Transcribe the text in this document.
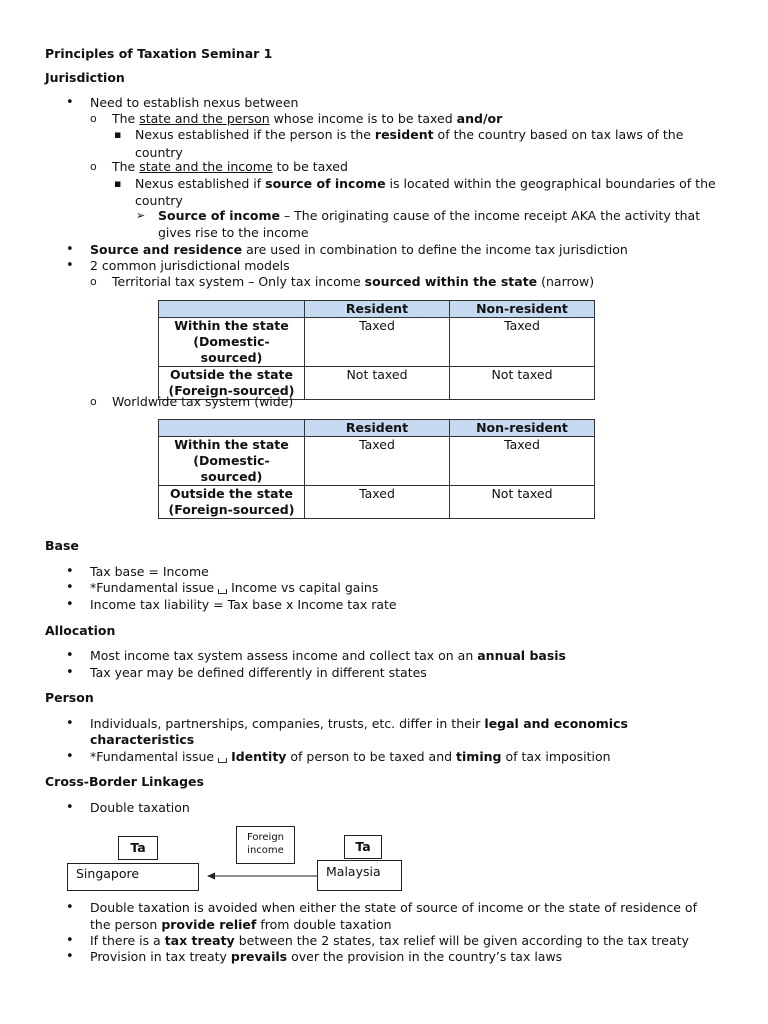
Principles of Taxation Seminar 1
Jurisdiction
•
Need to establish nexus between
o
The state and the person whose income is to be taxed and/or
▪
Nexus established if the person is the resident of the country based on tax laws of the
country
o
The state and the income to be taxed
▪
Nexus established if source of income is located within the geographical boundaries of the
country
➢
Source of income – The originating cause of the income receipt AKA the activity that
gives rise to the income
•
Source and residence are used in combination to define the income tax jurisdiction
•
2 common jurisdictional models
o
Territorial tax system – Only tax income sourced within the state (narrow)
	Resident	Non-resident

Within the state
(Domestic-
sourced)	Taxed	Taxed

Outside the state
(Foreign-sourced)	Not taxed	Not taxed
o
Worldwide tax system (wide)
	Resident	Non-resident

Within the state
(Domestic-
sourced)	Taxed	Taxed

Outside the state
(Foreign-sourced)	Taxed	Not taxed
Base
•
Tax base = Income
•
*Fundamental issue  Income vs capital gains
•
Income tax liability = Tax base x Income tax rate
Allocation
•
Most income tax system assess income and collect tax on an annual basis
•
Tax year may be defined differently in different states
Person
•
Individuals, partnerships, companies, trusts, etc. differ in their legal and economics
characteristics
•
*Fundamental issue Identity of person to be taxed and timing of tax imposition
Cross-Border Linkages
•
Double taxation
Ta
Foreign
income	Ta
Singapore	Malaysia
•
Double taxation is avoided when either the state of source of income or the state of residence of
the person provide relief from double taxation
•
If there is a tax treaty between the 2 states, tax relief will be given according to the tax treaty
•
Provision in tax treaty prevails over the provision in the country’s tax laws
